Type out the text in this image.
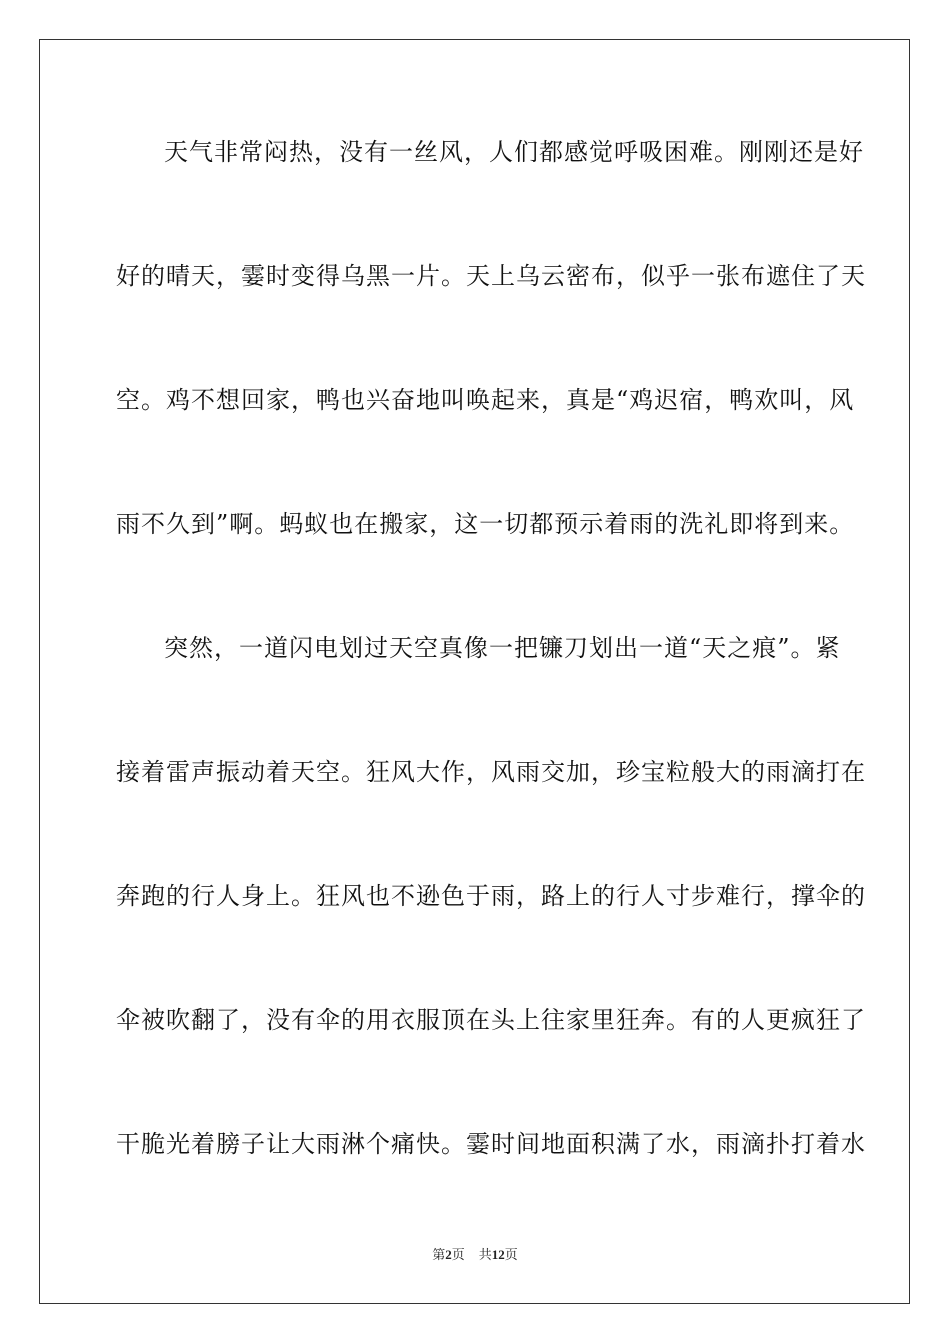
天气非常闷热，没有一丝风，人们都感觉呼吸困难。刚刚还是好
好的晴天，霎时变得乌黑一片。天上乌云密布，似乎一张布遮住了天
空。鸡不想回家，鸭也兴奋地叫唤起来，真是“鸡迟宿，鸭欢叫，风
雨不久到”啊。蚂蚁也在搬家，这一切都预示着雨的洗礼即将到来。
突然，一道闪电划过天空真像一把镰刀划出一道“天之痕”。紧
接着雷声振动着天空。狂风大作，风雨交加，珍宝粒般大的雨滴打在
奔跑的行人身上。狂风也不逊色于雨，路上的行人寸步难行，撑伞的
伞被吹翻了，没有伞的用衣服顶在头上往家里狂奔。有的人更疯狂了
干脆光着膀子让大雨淋个痛快。霎时间地面积满了水，雨滴扑打着水
第2页 共12页
